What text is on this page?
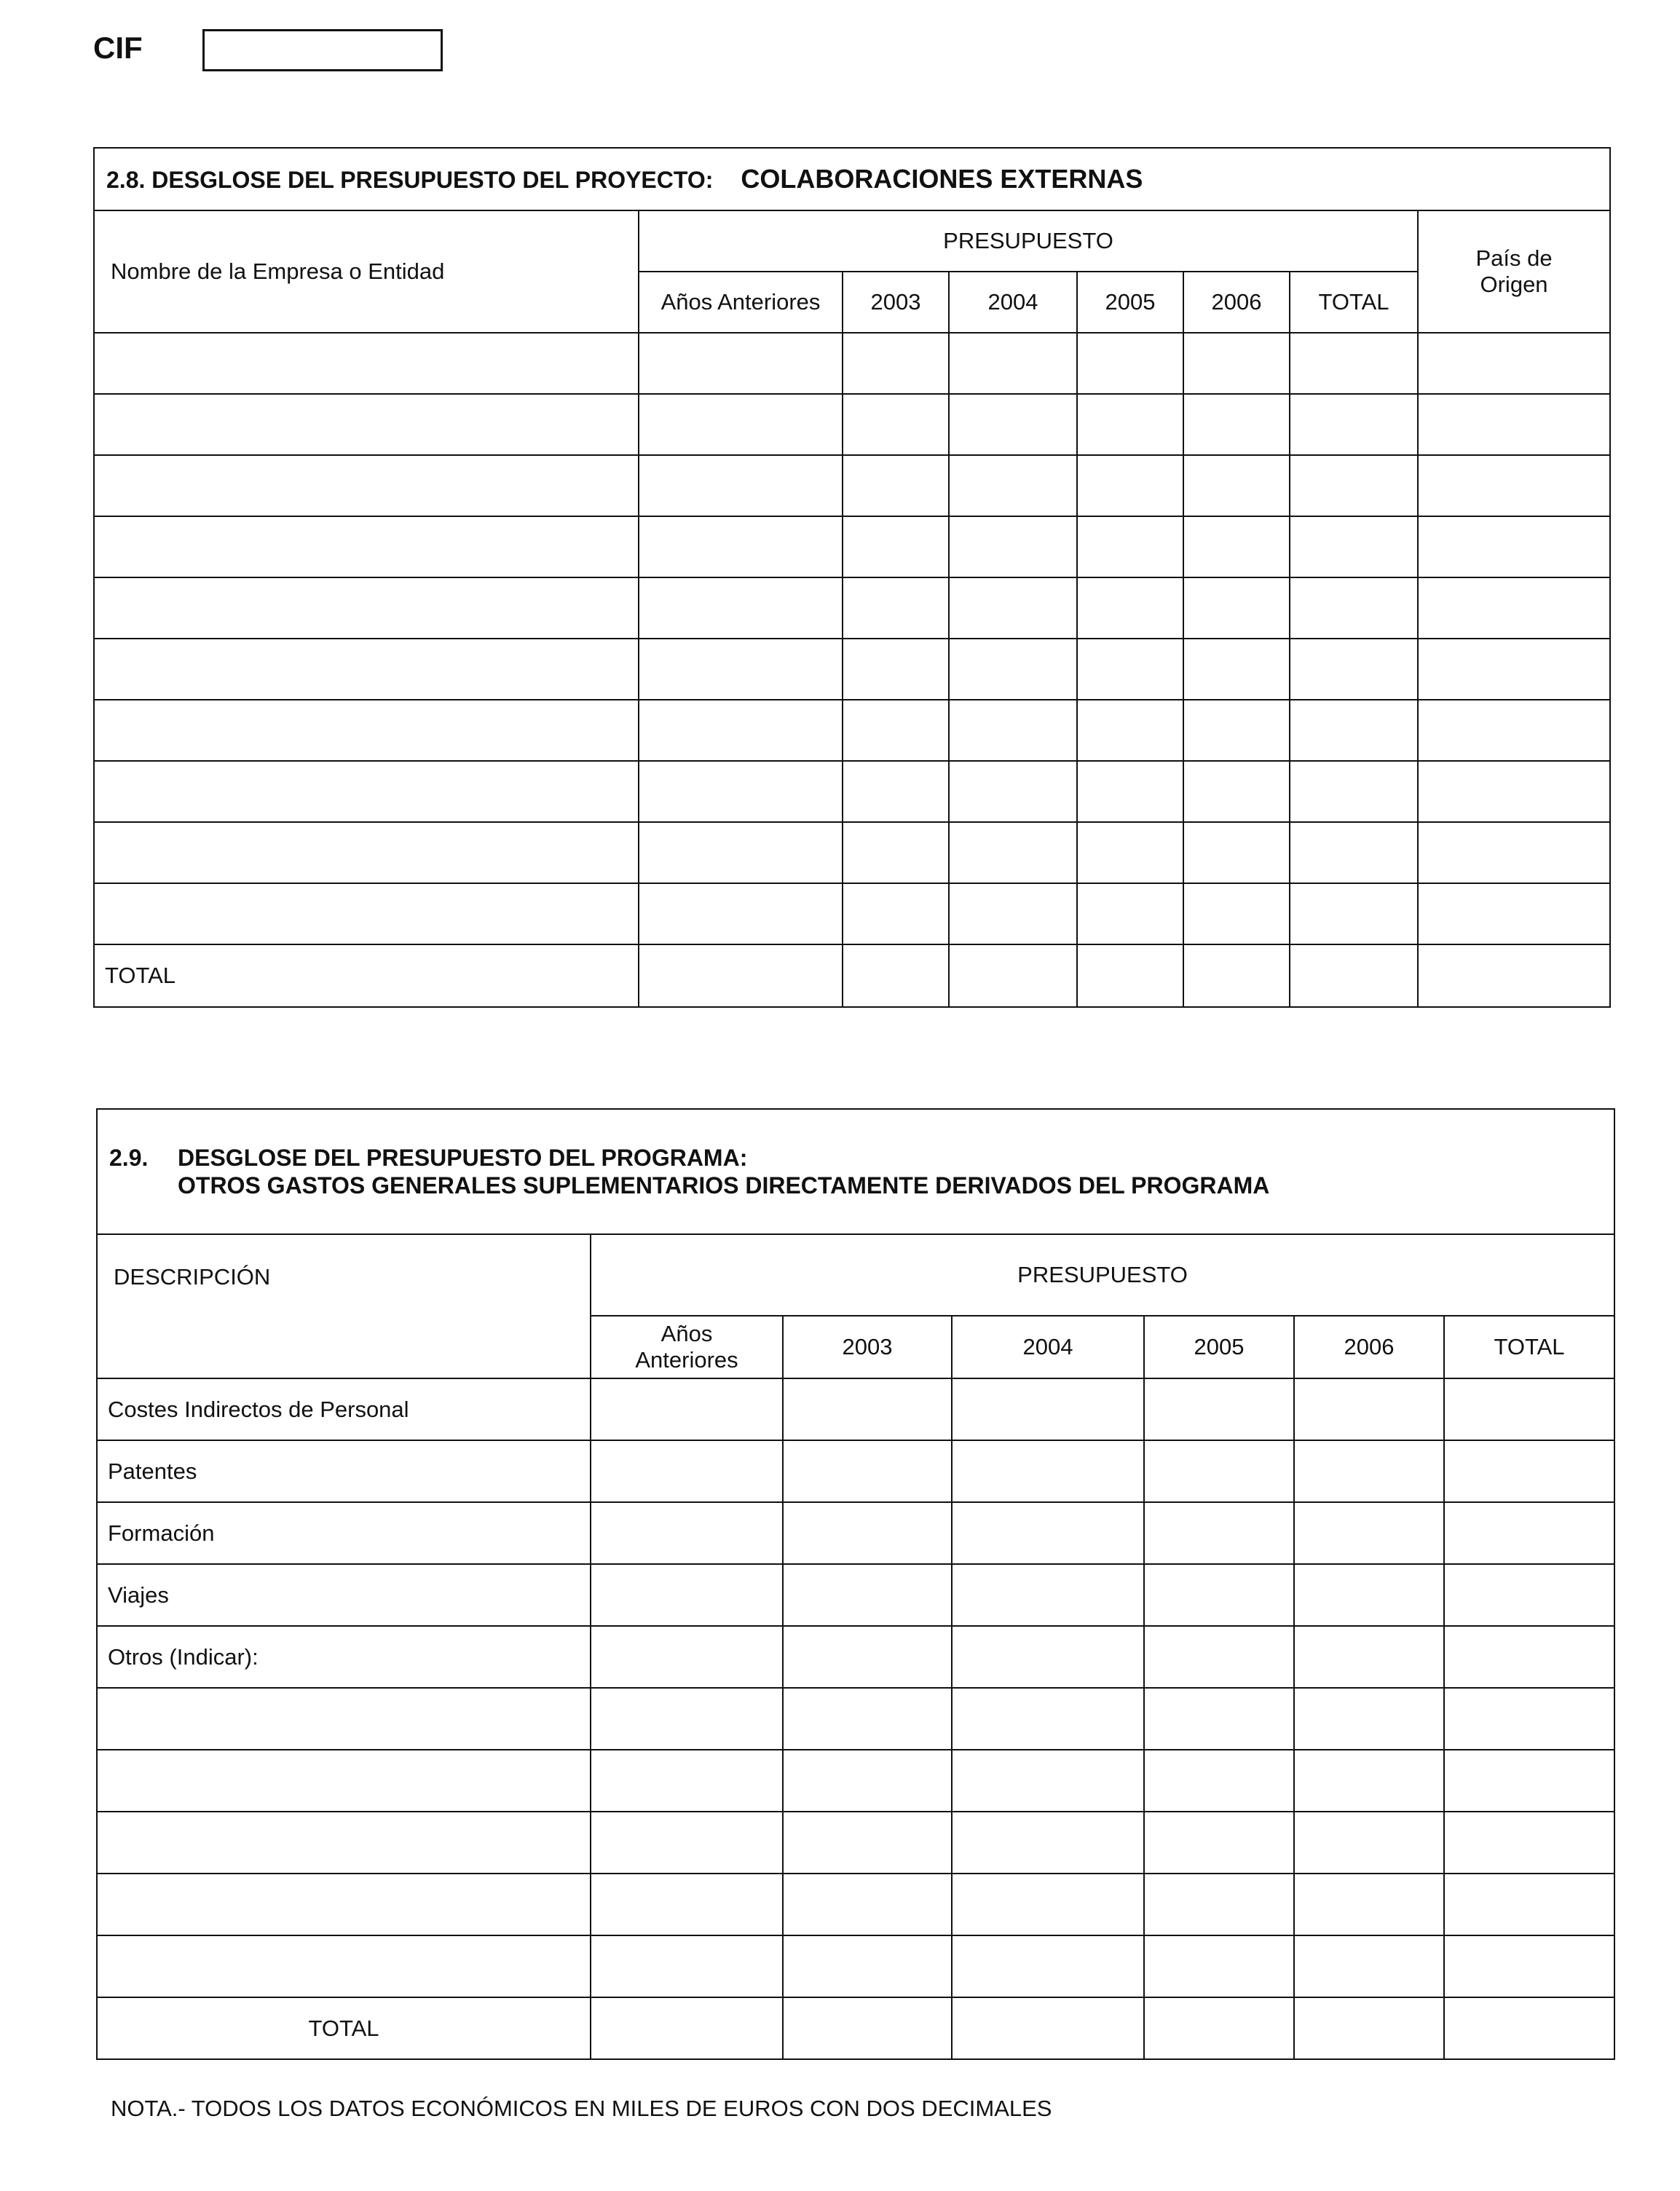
CIF
2.8. DESGLOSE DEL PRESUPUESTO DEL PROYECTO: COLABORACIONES EXTERNAS							
Nombre de la Empresa o Entidad	PRESUPUESTO						País de
Origen

	Años Anteriores	2003	2004	2005	2006	TOTAL	

TOTAL							
2.9. DESGLOSE DEL PRESUPUESTO DEL PROGRAMA:
OTROS GASTOS GENERALES SUPLEMENTARIOS DIRECTAMENTE DERIVADOS DEL PROGRAMA						

DESCRIPCIÓN	PRESUPUESTO					

	Años
Anteriores	2003	2004	2005	2006	TOTAL
Costes Indirectos de Personal						
Patentes						
Formación						
Viajes						
Otros (Indicar):						

TOTAL						
NOTA.- TODOS LOS DATOS ECONÓMICOS EN MILES DE EUROS CON DOS DECIMALES
